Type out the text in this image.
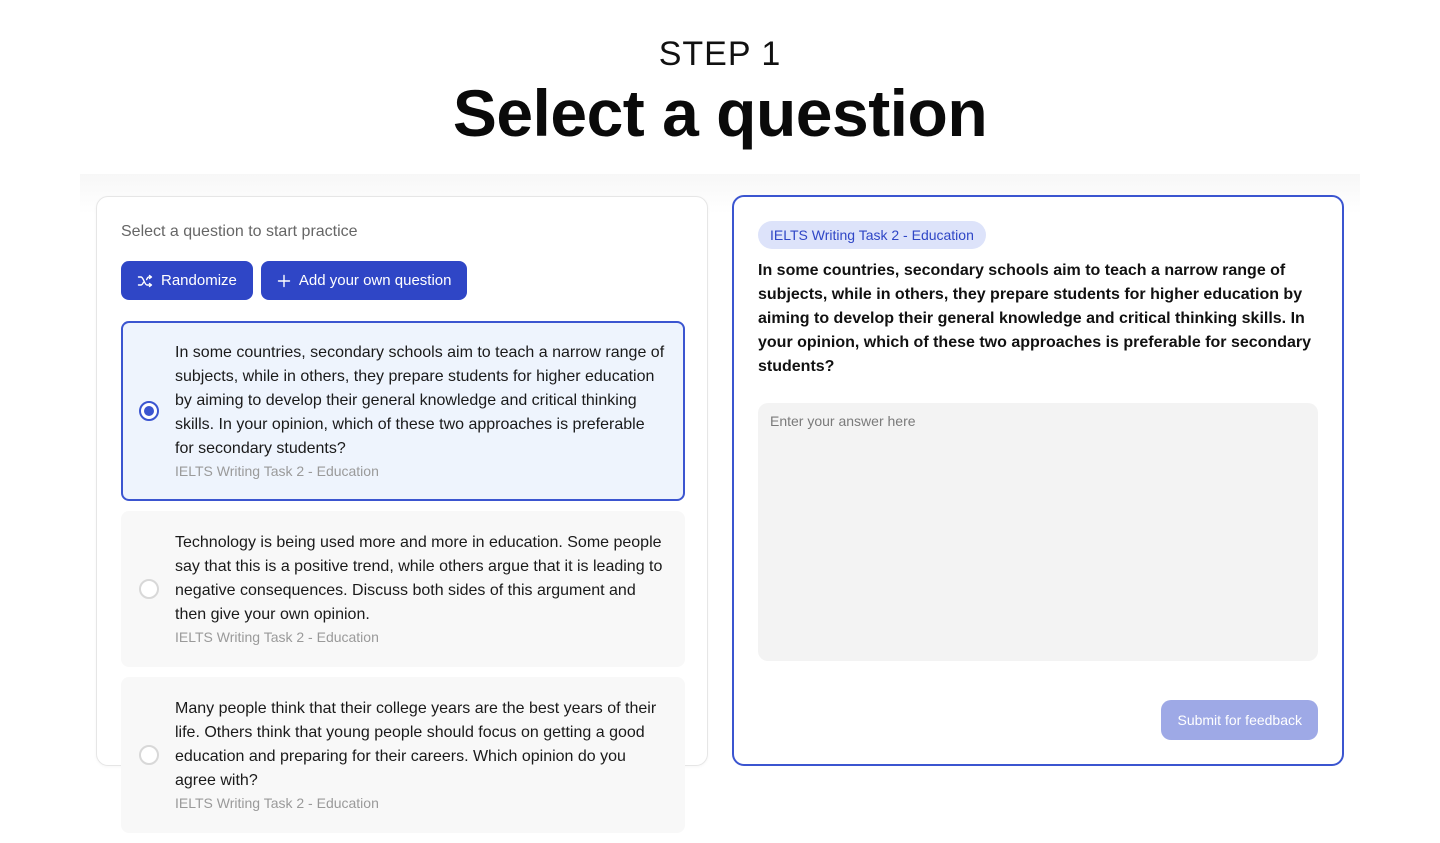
STEP 1
Select a question
Select a question to start practice
Randomize	Add your own question
In some countries, secondary schools aim to teach a narrow range of subjects, while in others, they prepare students for higher education by aiming to develop their general knowledge and critical thinking skills. In your opinion, which of these two approaches is preferable for secondary students?
IELTS Writing Task 2 - Education
Technology is being used more and more in education. Some people say that this is a positive trend, while others argue that it is leading to negative consequences. Discuss both sides of this argument and then give your own opinion.
IELTS Writing Task 2 - Education
Many people think that their college years are the best years of their life. Others think that young people should focus on getting a good education and preparing for their careers. Which opinion do you agree with?
IELTS Writing Task 2 - Education
IELTS Writing Task 2 - Education
In some countries, secondary schools aim to teach a narrow range of subjects, while in others, they prepare students for higher education by aiming to develop their general knowledge and critical thinking skills. In your opinion, which of these two approaches is preferable for secondary students?
Enter your answer here
Submit for feedback
